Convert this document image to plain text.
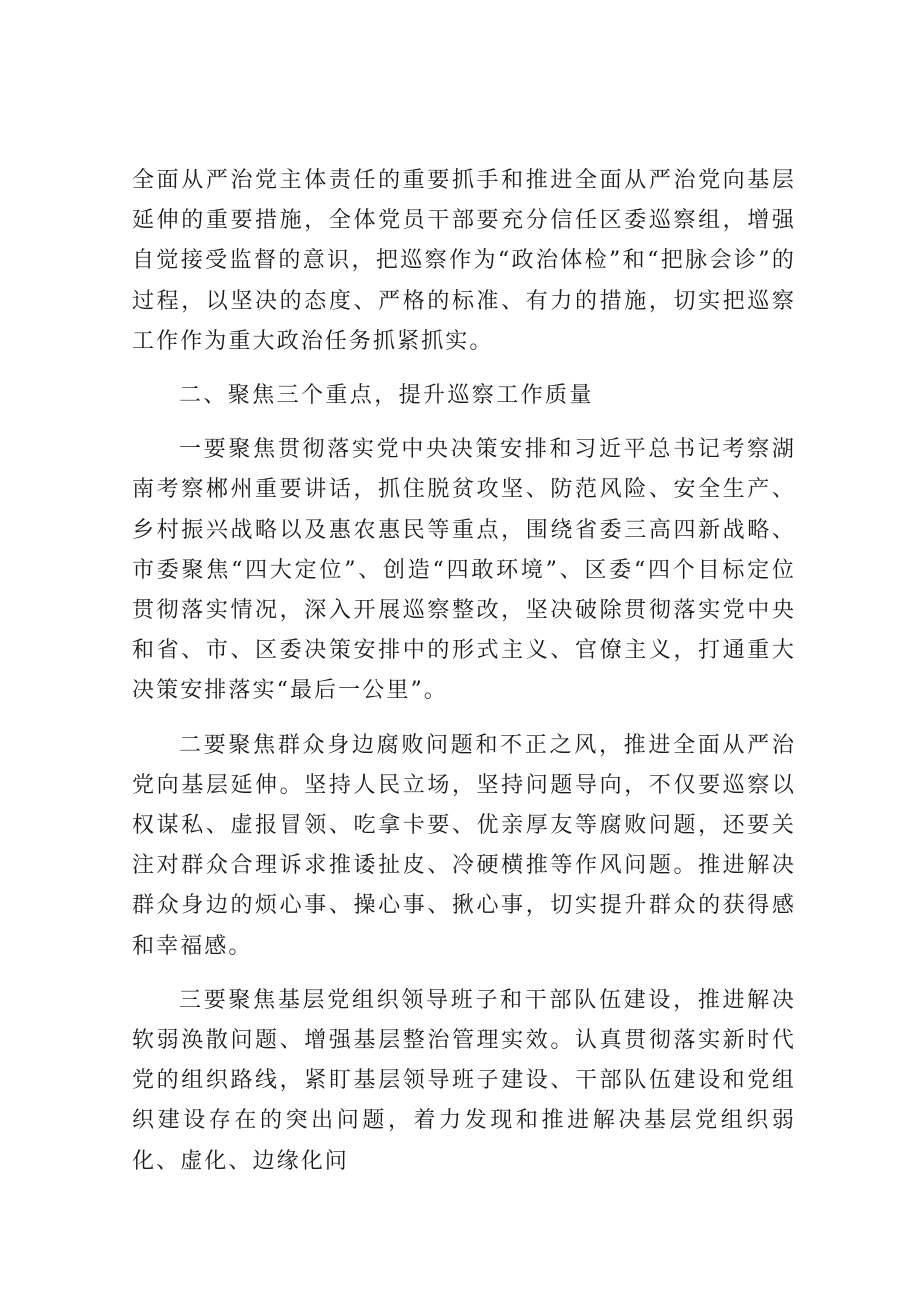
全面从严治党主体责任的重要抓手和推进全面从严治党向基层延伸的重要措施，全体党员干部要充分信任区委巡察组，增强自觉接受监督的意识，把巡察作为“政治体检”和“把脉会诊”的过程，以坚决的态度、严格的标准、有力的措施，切实把巡察工作作为重大政治任务抓紧抓实。

二、聚焦三个重点，提升巡察工作质量

一要聚焦贯彻落实党中央决策安排和习近平总书记考察湖南考察郴州重要讲话，抓住脱贫攻坚、防范风险、安全生产、乡村振兴战略以及惠农惠民等重点，围绕省委三高四新战略、市委聚焦“四大定位”、创造“四敢环境”、区委“四个目标定位贯彻落实情况，深入开展巡察整改，坚决破除贯彻落实党中央和省、市、区委决策安排中的形式主义、官僚主义，打通重大决策安排落实“最后一公里”。

二要聚焦群众身边腐败问题和不正之风，推进全面从严治党向基层延伸。坚持人民立场，坚持问题导向，不仅要巡察以权谋私、虚报冒领、吃拿卡要、优亲厚友等腐败问题，还要关注对群众合理诉求推诿扯皮、冷硬横推等作风问题。推进解决群众身边的烦心事、操心事、揪心事，切实提升群众的获得感和幸福感。

三要聚焦基层党组织领导班子和干部队伍建设，推进解决软弱涣散问题、增强基层整治管理实效。认真贯彻落实新时代党的组织路线，紧盯基层领导班子建设、干部队伍建设和党组织建设存在的突出问题，着力发现和推进解决基层党组织弱化、虚化、边缘化问
